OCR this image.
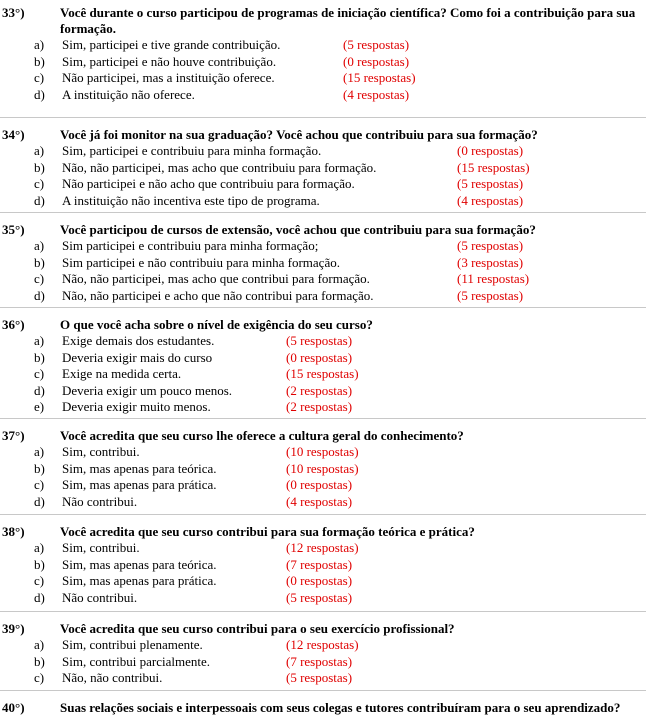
33°)	Você durante o curso participou de programas de iniciação científica? Como foi a contribuição para sua formação.
a) Sim, participei e tive grande contribuição.	(5 respostas)
b) Sim, participei e não houve contribuição.	(0 respostas)
c) Não participei, mas a instituição oferece.	(15 respostas)
d) A instituição não oferece.	(4 respostas)
34°)	Você já foi monitor na sua graduação? Você achou que contribuiu para sua formação?
a) Sim, participei e contribuiu para minha formação.	(0 respostas)
b) Não, não participei, mas acho que contribuiu para formação.	(15 respostas)
c) Não participei e não acho que contribuiu para formação.	(5 respostas)
d) A instituição não incentiva este tipo de programa.	(4 respostas)
35°)	Você participou de cursos de extensão, você achou que contribuiu para sua formação?
a) Sim participei e contribuiu para minha formação;	(5 respostas)
b) Sim participei e não contribuiu para minha formação.	(3 respostas)
c) Não, não participei, mas acho que contribui para formação.	(11 respostas)
d) Não, não participei e acho que não contribui para formação.	(5 respostas)
36°)	O que você acha sobre o nível de exigência do seu curso?
a) Exige demais dos estudantes.	(5 respostas)
b) Deveria exigir mais do curso	(0 respostas)
c) Exige na medida certa.	(15 respostas)
d) Deveria exigir um pouco menos.	(2 respostas)
e) Deveria exigir muito menos.	(2 respostas)
37°)	Você acredita que seu curso lhe oferece a cultura geral do conhecimento?
a) Sim, contribui.	(10 respostas)
b) Sim, mas apenas para teórica.	(10 respostas)
c) Sim, mas apenas para prática.	(0 respostas)
d) Não contribui.	(4 respostas)
38°)	Você acredita que seu curso contribui para sua formação teórica e prática?
a) Sim, contribui.	(12 respostas)
b) Sim, mas apenas para teórica.	(7 respostas)
c) Sim, mas apenas para prática.	(0 respostas)
d) Não contribui.	(5 respostas)
39°)	Você acredita que seu curso contribui para o seu exercício profissional?
a) Sim, contribui plenamente.	(12 respostas)
b) Sim, contribui parcialmente.	(7 respostas)
c) Não, não contribui.	(5 respostas)
40°)	Suas relações sociais e interpessoais com seus colegas e tutores contribuíram para o seu aprendizado?
